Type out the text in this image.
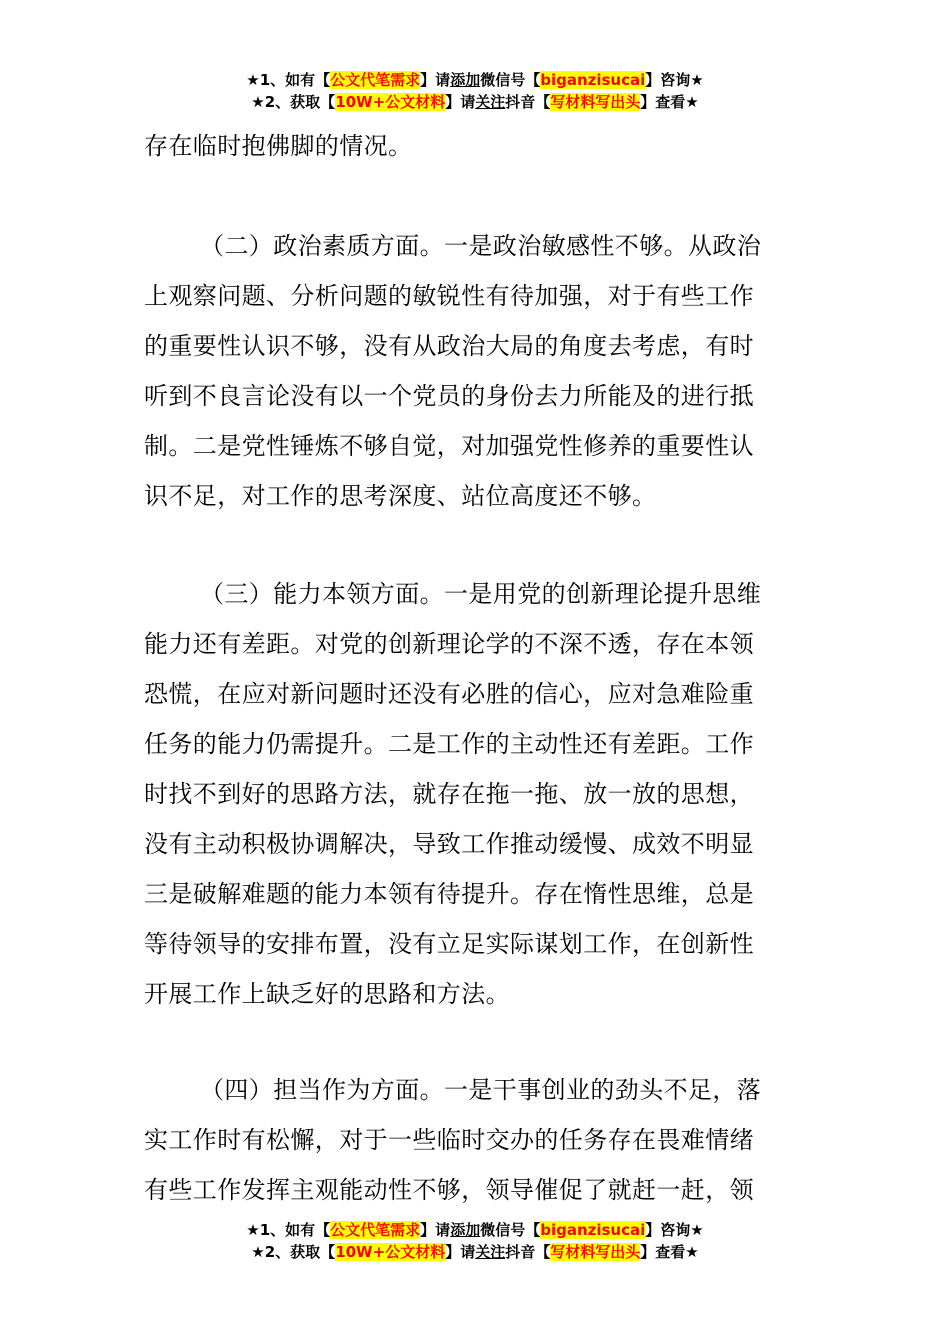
★1、如有【公文代笔需求】请添加微信号【biganzisucai】咨询★
★2、获取【10W+公文材料】请关注抖音【写材料写出头】查看★
存在临时抱佛脚的情况。
（二）政治素质方面。一是政治敏感性不够。从政治
上观察问题、分析问题的敏锐性有待加强，对于有些工作
的重要性认识不够，没有从政治大局的角度去考虑，有时
听到不良言论没有以一个党员的身份去力所能及的进行抵
制。二是党性锤炼不够自觉，对加强党性修养的重要性认
识不足，对工作的思考深度、站位高度还不够。
（三）能力本领方面。一是用党的创新理论提升思维
能力还有差距。对党的创新理论学的不深不透，存在本领
恐慌，在应对新问题时还没有必胜的信心，应对急难险重
任务的能力仍需提升。二是工作的主动性还有差距。工作
时找不到好的思路方法，就存在拖一拖、放一放的思想，
没有主动积极协调解决，导致工作推动缓慢、成效不明显
三是破解难题的能力本领有待提升。存在惰性思维，总是
等待领导的安排布置，没有立足实际谋划工作，在创新性
开展工作上缺乏好的思路和方法。
（四）担当作为方面。一是干事创业的劲头不足，落
实工作时有松懈，对于一些临时交办的任务存在畏难情绪
有些工作发挥主观能动性不够，领导催促了就赶一赶，领
★1、如有【公文代笔需求】请添加微信号【biganzisucai】咨询★
★2、获取【10W+公文材料】请关注抖音【写材料写出头】查看★
